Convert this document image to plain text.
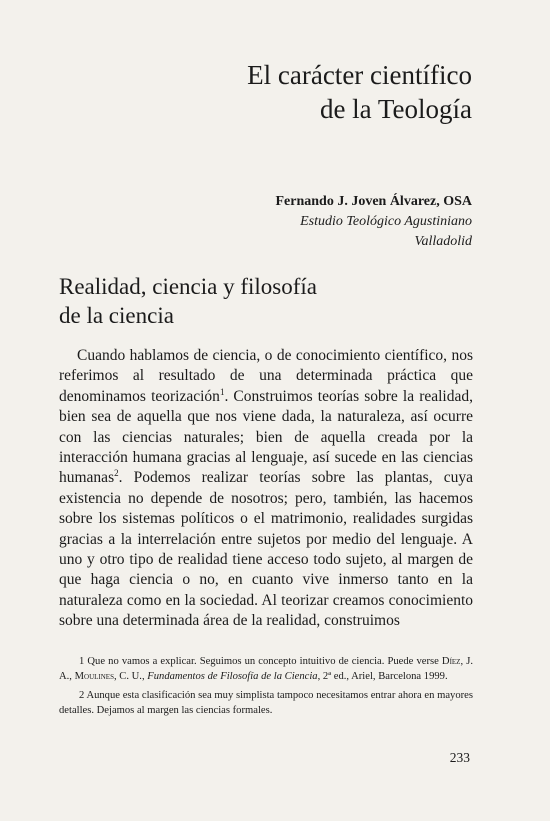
El carácter científico
de la Teología
Fernando J. Joven Álvarez, OSA
Estudio Teológico Agustiniano
Valladolid
Realidad, ciencia y filosofía
de la ciencia

Cuando hablamos de ciencia, o de conocimiento científico, nos referimos al resultado de una determinada práctica que denominamos teorización$^1$. Construimos teorías sobre la realidad, bien sea de aquella que nos viene dada, la naturaleza, así ocurre con las ciencias naturales; bien de aquella creada por la interacción humana gracias al lenguaje, así sucede en las ciencias humanas$^2$. Podemos realizar teorías sobre las plantas, cuya existencia no depende de nosotros; pero, también, las hacemos sobre los sistemas políticos o el matrimonio, realidades surgidas gracias a la interrelación entre sujetos por medio del lenguaje. A uno y otro tipo de realidad tiene acceso todo sujeto, al margen de que haga ciencia o no, en cuanto vive inmerso tanto en la naturaleza como en la sociedad. Al teorizar creamos conocimiento sobre una determinada área de la realidad, construimos

1 Que no vamos a explicar. Seguimos un concepto intuitivo de ciencia. Puede verse Díez, J. A., Moulines, C. U., Fundamentos de Filosofía de la Ciencia, 2ª ed., Ariel, Barcelona 1999.
2 Aunque esta clasificación sea muy simplista tampoco necesitamos entrar ahora en mayores detalles. Dejamos al margen las ciencias formales.
233
